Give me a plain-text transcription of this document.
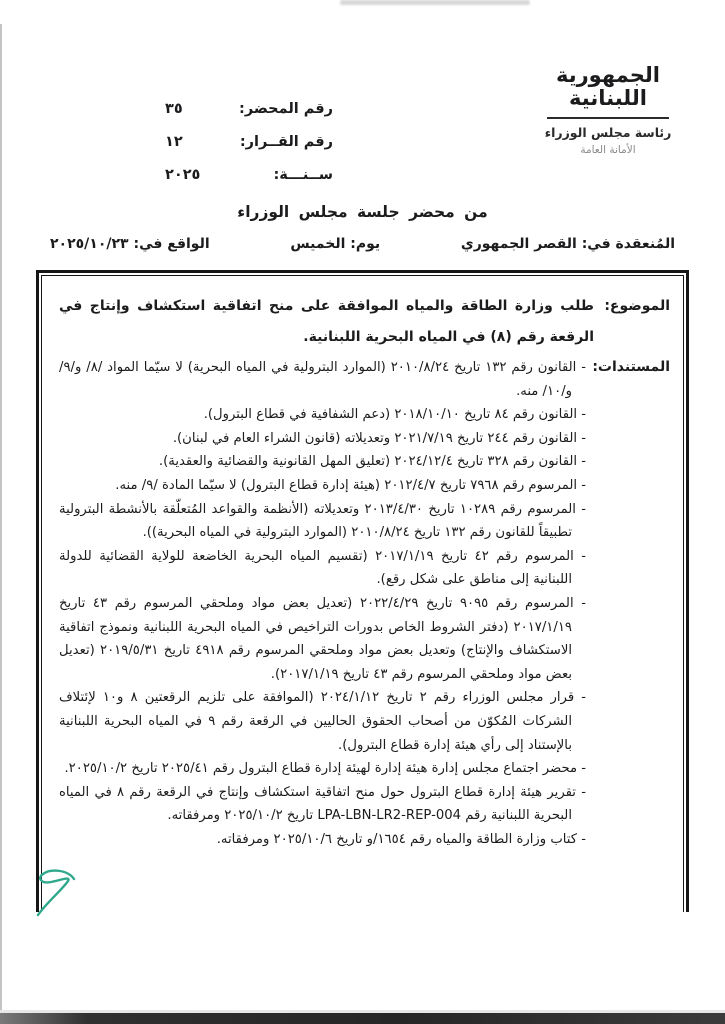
الجمهورية
اللبنانية
رئاسة مجلس الوزراء
الأمانة العامة
رقم المحضر:
٣٥
رقم القــرار:
١٢
ســنـــة:
٢٠٢٥
من محضر جلسة مجلس الوزراء
المُنعقدة في: القصر الجمهوري
يوم: الخميس
الواقع في: ٢٠٢٥/١٠/٢٣
الموضوع:
طلب وزارة الطاقة والمياه الموافقة على منح اتفاقية استكشاف وإنتاج في الرقعة رقم (٨) في المياه البحرية اللبنانية.
المستندات:
- القانون رقم ١٣٢ تاريخ ٢٠١٠/٨/٢٤ (الموارد البترولية في المياه البحرية) لا سيّما المواد /٨/ و/٩/ و/١٠/ منه.
- القانون رقم ٨٤ تاريخ ٢٠١٨/١٠/١٠ (دعم الشفافية في قطاع البترول).
- القانون رقم ٢٤٤ تاريخ ٢٠٢١/٧/١٩ وتعديلاته (قانون الشراء العام في لبنان).
- القانون رقم ٣٢٨ تاريخ ٢٠٢٤/١٢/٤ (تعليق المهل القانونية والقضائية والعقدية).
- المرسوم رقم ٧٩٦٨ تاريخ ٢٠١٢/٤/٧ (هيئة إدارة قطاع البترول) لا سيّما المادة /٩/ منه.
- المرسوم رقم ١٠٢٨٩ تاريخ ٢٠١٣/٤/٣٠ وتعديلاته (الأنظمة والقواعد المُتعلّقة بالأنشطة البترولية تطبيقاً للقانون رقم ١٣٢ تاريخ ٢٠١٠/٨/٢٤ (الموارد البترولية في المياه البحرية)).
- المرسوم رقم ٤٢ تاريخ ٢٠١٧/١/١٩ (تقسيم المياه البحرية الخاضعة للولاية القضائية للدولة اللبنانية إلى مناطق على شكل رقع).
- المرسوم رقم ٩٠٩٥ تاريخ ٢٠٢٢/٤/٢٩ (تعديل بعض مواد وملحقي المرسوم رقم ٤٣ تاريخ ٢٠١٧/١/١٩ (دفتر الشروط الخاص بدورات التراخيص في المياه البحرية اللبنانية ونموذج اتفاقية الاستكشاف والإنتاج) وتعديل بعض مواد وملحقي المرسوم رقم ٤٩١٨ تاريخ ٢٠١٩/٥/٣١ (تعديل بعض مواد وملحقي المرسوم رقم ٤٣ تاريخ ٢٠١٧/١/١٩).
- قرار مجلس الوزراء رقم ٢ تاريخ ٢٠٢٤/١/١٢ (الموافقة على تلزيم الرقعتين ٨ و١٠ لإئتلاف الشركات المُكوّن من أصحاب الحقوق الحاليين في الرقعة رقم ٩ في المياه البحرية اللبنانية بالإستناد إلى رأي هيئة إدارة قطاع البترول).
- محضر اجتماع مجلس إدارة هيئة إدارة لهيئة إدارة قطاع البترول رقم ٢٠٢٥/٤١ تاريخ ٢٠٢٥/١٠/٢.
- تقرير هيئة إدارة قطاع البترول حول منح اتفاقية استكشاف وإنتاج في الرقعة رقم ٨ في المياه البحرية اللبنانية رقم LPA-LBN-LR2-REP-004 تاريخ ٢٠٢٥/١٠/٢ ومرفقاته.
- كتاب وزارة الطاقة والمياه رقم ١٦٥٤/و تاريخ ٢٠٢٥/١٠/٦ ومرفقاته.
